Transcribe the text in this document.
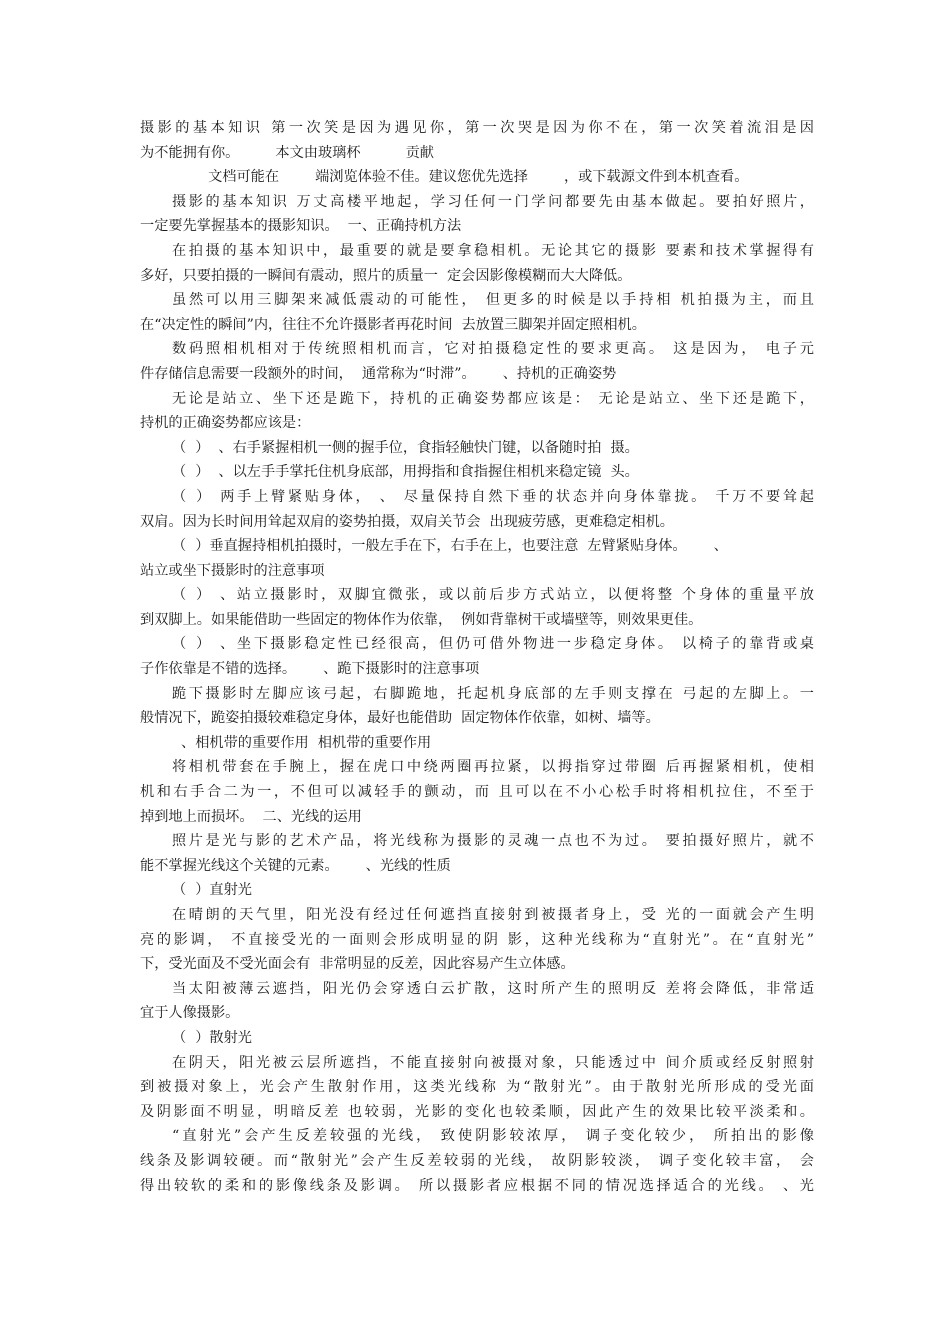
摄影的基本知识 第一次笑是因为遇见你，第一次哭是因为你不在，第一次笑着流泪是因
为不能拥有你。        本文由玻璃杯          贡献
文档可能在        端浏览体验不佳。建议您优先选择        ，或下载源文件到本机查看。
摄影的基本知识 万丈高楼平地起，学习任何一门学问都要先由基本做起。要拍好照片，
一定要先掌握基本的摄影知识。  一、正确持机方法
在拍摄的基本知识中，最重要的就是要拿稳相机。无论其它的摄影 要素和技术掌握得有
多好，只要拍摄的一瞬间有震动，照片的质量一  定会因影像模糊而大大降低。
虽然可以用三脚架来减低震动的可能性， 但更多的时候是以手持相 机拍摄为主，而且
在“决定性的瞬间”内，往往不允许摄影者再花时间  去放置三脚架并固定照相机。
数码照相机相对于传统照相机而言，它对拍摄稳定性的要求更高。 这是因为， 电子元
件存储信息需要一段额外的时间，  通常称为“时滞”。      、持机的正确姿势
无论是站立、坐下还是跪下，持机的正确姿势都应该是： 无论是站立、坐下还是跪下，
持机的正确姿势都应该是：
（  ）  、右手紧握相机一侧的握手位，食指轻触快门键，以备随时拍  摄。
（  ）  、以左手手掌托住机身底部，用拇指和食指握住相机来稳定镜  头。
（ ） 两手上臂紧贴身体， 、 尽量保持自然下垂的状态并向身体靠拢。 千万不要耸起
双肩。因为长时间用耸起双肩的姿势拍摄，双肩关节会  出现疲劳感，更难稳定相机。
（  ）垂直握持相机拍摄时，一般左手在下，右手在上，也要注意  左臂紧贴身体。      、
站立或坐下摄影时的注意事项
（ ） 、站立摄影时，双脚宜微张，或以前后步方式站立，以便将整 个身体的重量平放
到双脚上。如果能借助一些固定的物体作为依靠，  例如背靠树干或墙壁等，则效果更佳。
（ ） 、坐下摄影稳定性已经很高，但仍可借外物进一步稳定身体。 以椅子的靠背或桌
子作依靠是不错的选择。      、跪下摄影时的注意事项
跪下摄影时左脚应该弓起，右脚跪地，托起机身底部的左手则支撑在 弓起的左脚上。一
般情况下，跪姿拍摄较难稳定身体，最好也能借助  固定物体作依靠，如树、墙等。
、相机带的重要作用  相机带的重要作用
将相机带套在手腕上，握在虎口中绕两圈再拉紧，以拇指穿过带圈 后再握紧相机，使相
机和右手合二为一，不但可以减轻手的颤动，而 且可以在不小心松手时将相机拉住，不至于
掉到地上而损坏。  二、光线的运用
照片是光与影的艺术产品，将光线称为摄影的灵魂一点也不为过。 要拍摄好照片，就不
能不掌握光线这个关键的元素。      、光线的性质
（  ）直射光
在晴朗的天气里，阳光没有经过任何遮挡直接射到被摄者身上，受 光的一面就会产生明
亮的影调， 不直接受光的一面则会形成明显的阴 影，这种光线称为“直射光”。在“直射光”
下，受光面及不受光面会有  非常明显的反差，因此容易产生立体感。
当太阳被薄云遮挡，阳光仍会穿透白云扩散，这时所产生的照明反 差将会降低，非常适
宜于人像摄影。
（  ）散射光
在阴天，阳光被云层所遮挡，不能直接射向被摄对象，只能透过中 间介质或经反射照射
到被摄对象上，光会产生散射作用，这类光线称 为“散射光”。由于散射光所形成的受光面
及阴影面不明显，明暗反差 也较弱，光影的变化也较柔顺，因此产生的效果比较平淡柔和。
“直射光”会产生反差较强的光线， 致使阴影较浓厚， 调子变化较少， 所拍出的影像
线条及影调较硬。而“散射光”会产生反差较弱的光线， 故阴影较淡， 调子变化较丰富， 会
得出较软的柔和的影像线条及影调。 所以摄影者应根据不同的情况选择适合的光线。 、光
